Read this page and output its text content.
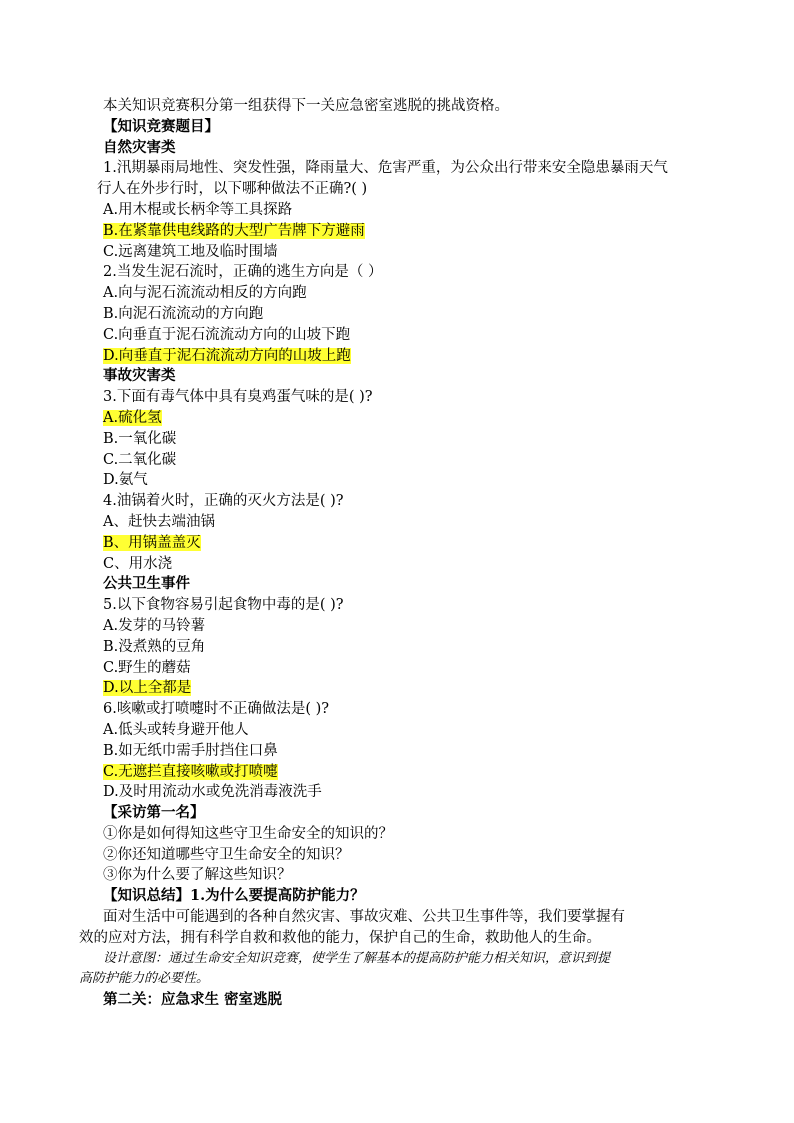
本关知识竞赛积分第一组获得下一关应急密室逃脱的挑战资格。
【知识竞赛题目】
自然灾害类
1.汛期暴雨局地性、突发性强，降雨量大、危害严重，为公众出行带来安全隐患暴雨天气
行人在外步行时，以下哪种做法不正确?( )
A.用木棍或长柄伞等工具探路
B.在紧靠供电线路的大型广告牌下方避雨
C.远离建筑工地及临时围墙
2.当发生泥石流时，正确的逃生方向是（ ）
A.向与泥石流流动相反的方向跑
B.向泥石流流动的方向跑
C.向垂直于泥石流流动方向的山坡下跑
D.向垂直于泥石流流动方向的山坡上跑
事故灾害类
3.下面有毒气体中具有臭鸡蛋气味的是( )?
A.硫化氢
B.一氧化碳
C.二氧化碳
D.氨气
4.油锅着火时，正确的灭火方法是( )?
A、赶快去端油锅
B、用锅盖盖灭
C、用水浇
公共卫生事件
5.以下食物容易引起食物中毒的是( )?
A.发芽的马铃薯
B.没煮熟的豆角
C.野生的蘑菇
D.以上全都是
6.咳嗽或打喷嚏时不正确做法是( )?
A.低头或转身避开他人
B.如无纸巾需手肘挡住口鼻
C.无遮拦直接咳嗽或打喷嚏
D.及时用流动水或免洗消毒液洗手
【采访第一名】
①你是如何得知这些守卫生命安全的知识的？
②你还知道哪些守卫生命安全的知识？
③你为什么要了解这些知识？
【知识总结】1.为什么要提高防护能力？
面对生活中可能遇到的各种自然灾害、事故灾难、公共卫生事件等，我们要掌握有
效的应对方法，拥有科学自救和救他的能力，保护自己的生命，救助他人的生命。
设计意图：通过生命安全知识竞赛，使学生了解基本的提高防护能力相关知识，意识到提
高防护能力的必要性。
第二关：应急求生 密室逃脱
